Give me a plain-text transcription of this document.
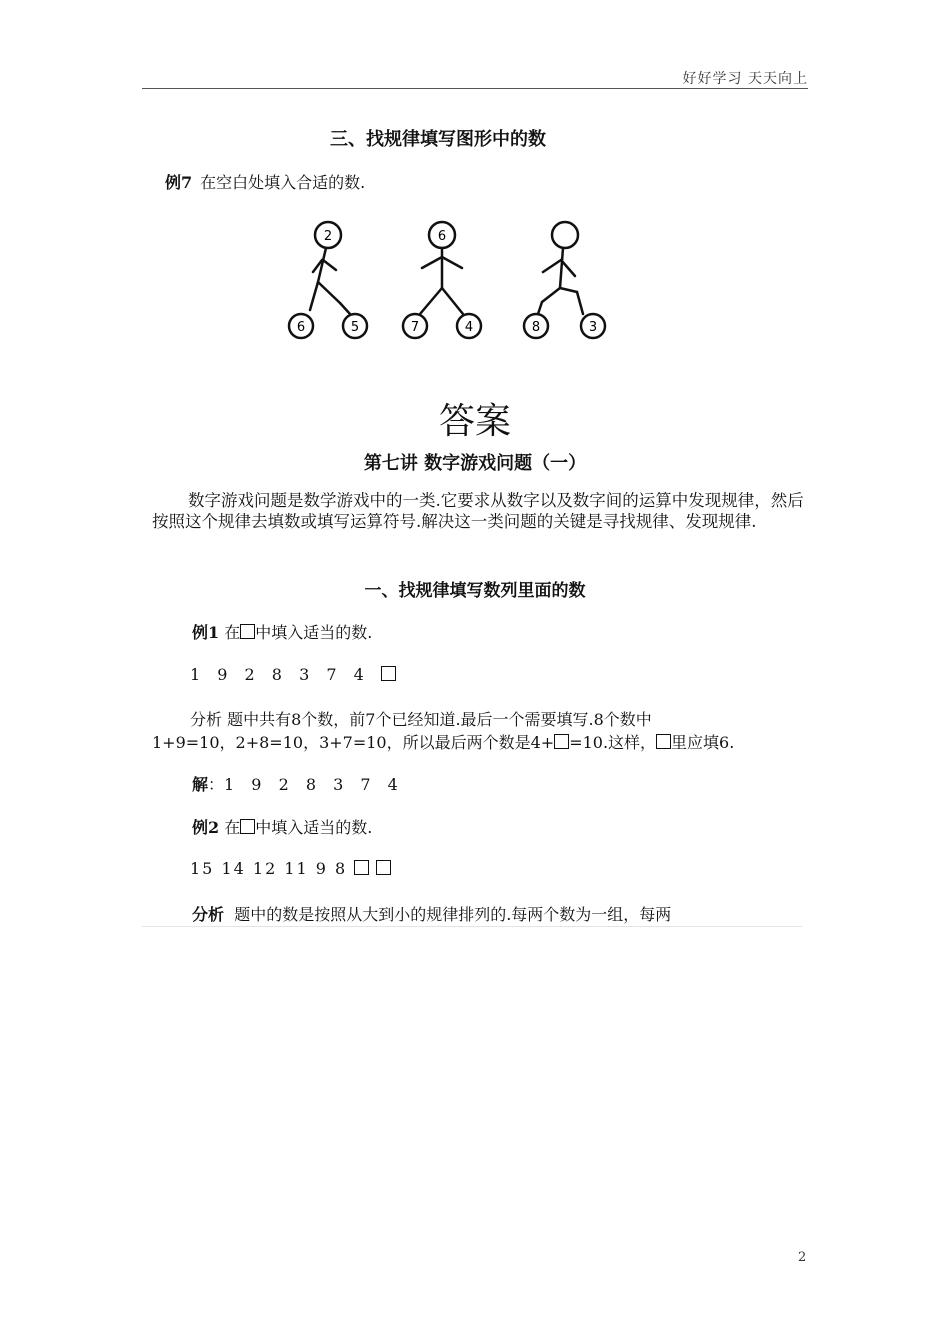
好好学习 天天向上
三、找规律填写图形中的数
例7 在空白处填入合适的数.
2
6	5
6
7	4	8	3
答案
第七讲 数字游戏问题（一）

数字游戏问题是数学游戏中的一类.它要求从数字以及数字间的运算中发现规律，然后按照这个规律去填数或填写运算符号.解决这一类问题的关键是寻找规律、发现规律.

一、找规律填写数列里面的数
例1 在 中填入适当的数.
1 9 2 8 3 7 4
分析 题中共有8个数，前7个已经知道.最后一个需要填写.8个数中
1+9=10，2+8=10，3+7=10，所以最后两个数是4+ =10.这样， 里应填6.
解：1 9 2 8 3 7 4
例2 在 中填入适当的数.
15 14 12 11 9 8
分析 题中的数是按照从大到小的规律排列的.每两个数为一组，每两
2
